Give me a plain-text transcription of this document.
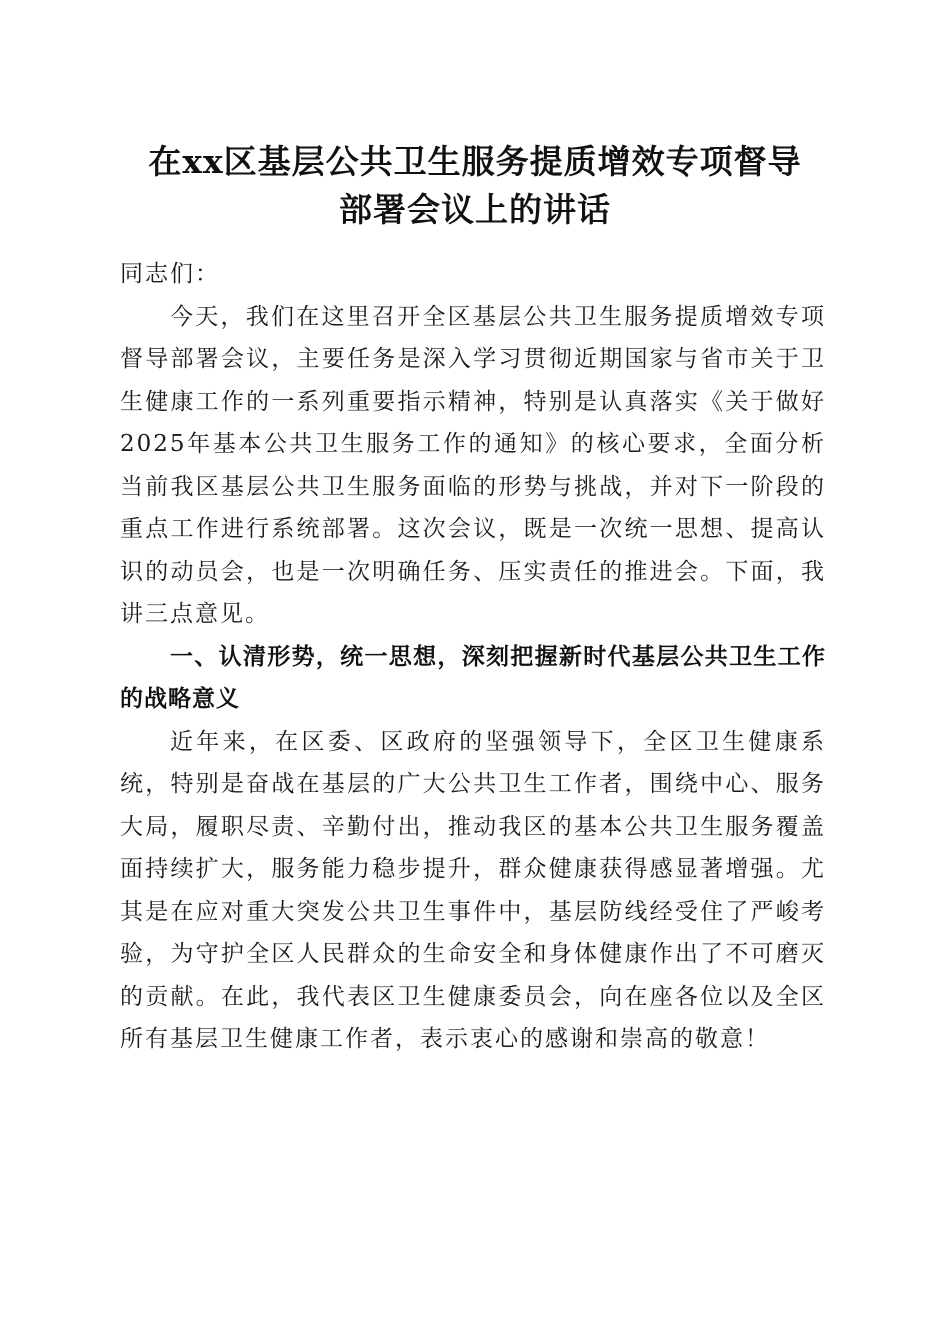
在xx区基层公共卫生服务提质增效专项督导
部署会议上的讲话

同志们：

今天，我们在这里召开全区基层公共卫生服务提质增效专项督导部署会议，主要任务是深入学习贯彻近期国家与省市关于卫生健康工作的一系列重要指示精神，特别是认真落实《关于做好2025年基本公共卫生服务工作的通知》的核心要求，全面分析当前我区基层公共卫生服务面临的形势与挑战，并对下一阶段的重点工作进行系统部署。这次会议，既是一次统一思想、提高认识的动员会，也是一次明确任务、压实责任的推进会。下面，我讲三点意见。

一、认清形势，统一思想，深刻把握新时代基层公共卫生工作的战略意义

近年来，在区委、区政府的坚强领导下，全区卫生健康系统，特别是奋战在基层的广大公共卫生工作者，围绕中心、服务大局，履职尽责、辛勤付出，推动我区的基本公共卫生服务覆盖面持续扩大，服务能力稳步提升，群众健康获得感显著增强。尤其是在应对重大突发公共卫生事件中，基层防线经受住了严峻考验，为守护全区人民群众的生命安全和身体健康作出了不可磨灭的贡献。在此，我代表区卫生健康委员会，向在座各位以及全区所有基层卫生健康工作者，表示衷心的感谢和崇高的敬意！
